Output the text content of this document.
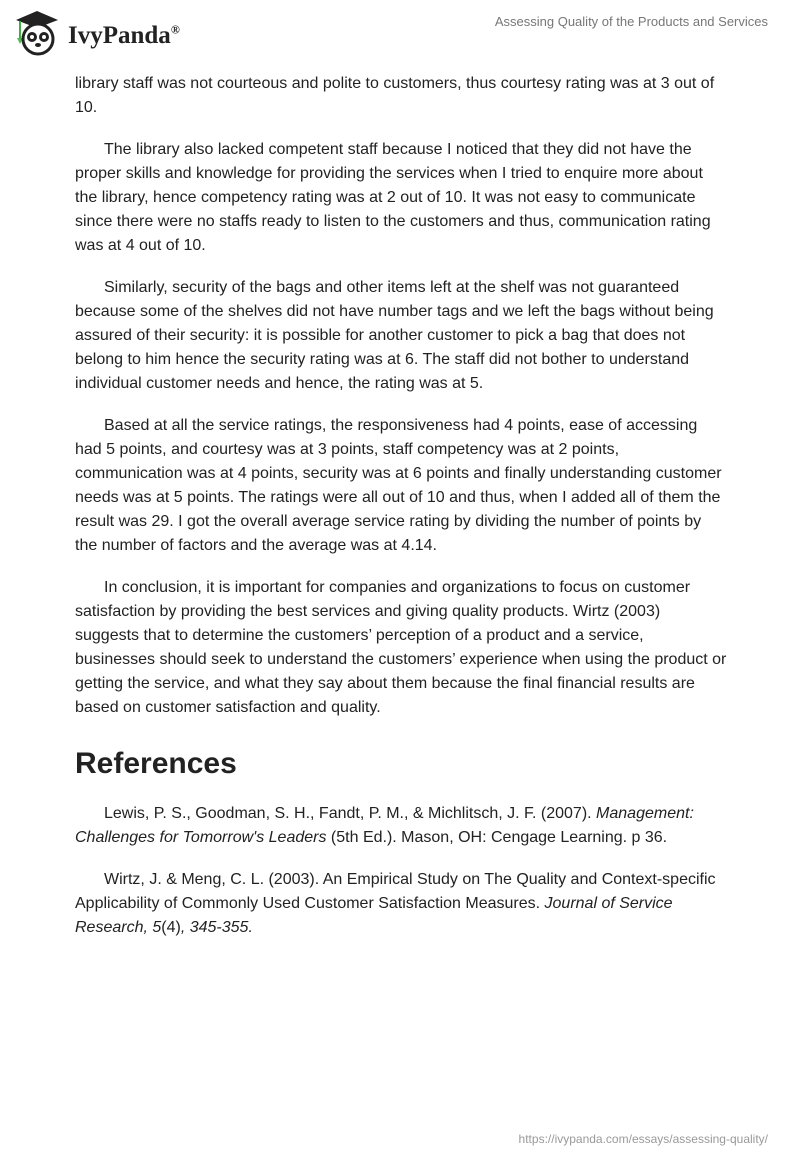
IvyPanda®
Assessing Quality of the Products and Services

library staff was not courteous and polite to customers, thus courtesy rating was at 3 out of 10.

The library also lacked competent staff because I noticed that they did not have the proper skills and knowledge for providing the services when I tried to enquire more about the library, hence competency rating was at 2 out of 10. It was not easy to communicate since there were no staffs ready to listen to the customers and thus, communication rating was at 4 out of 10.

Similarly, security of the bags and other items left at the shelf was not guaranteed because some of the shelves did not have number tags and we left the bags without being assured of their security: it is possible for another customer to pick a bag that does not belong to him hence the security rating was at 6. The staff did not bother to understand individual customer needs and hence, the rating was at 5.

Based at all the service ratings, the responsiveness had 4 points, ease of accessing had 5 points, and courtesy was at 3 points, staff competency was at 2 points, communication was at 4 points, security was at 6 points and finally understanding customer needs was at 5 points. The ratings were all out of 10 and thus, when I added all of them the result was 29. I got the overall average service rating by dividing the number of points by the number of factors and the average was at 4.14.

In conclusion, it is important for companies and organizations to focus on customer satisfaction by providing the best services and giving quality products. Wirtz (2003) suggests that to determine the customers’ perception of a product and a service, businesses should seek to understand the customers’ experience when using the product or getting the service, and what they say about them because the final financial results are based on customer satisfaction and quality.

References

Lewis, P. S., Goodman, S. H., Fandt, P. M., & Michlitsch, J. F. (2007). Management: Challenges for Tomorrow's Leaders (5th Ed.). Mason, OH: Cengage Learning. p 36.

Wirtz, J. & Meng, C. L. (2003). An Empirical Study on The Quality and Context-specific Applicability of Commonly Used Customer Satisfaction Measures. Journal of Service Research, 5(4), 345-355.

https://ivypanda.com/essays/assessing-quality/
